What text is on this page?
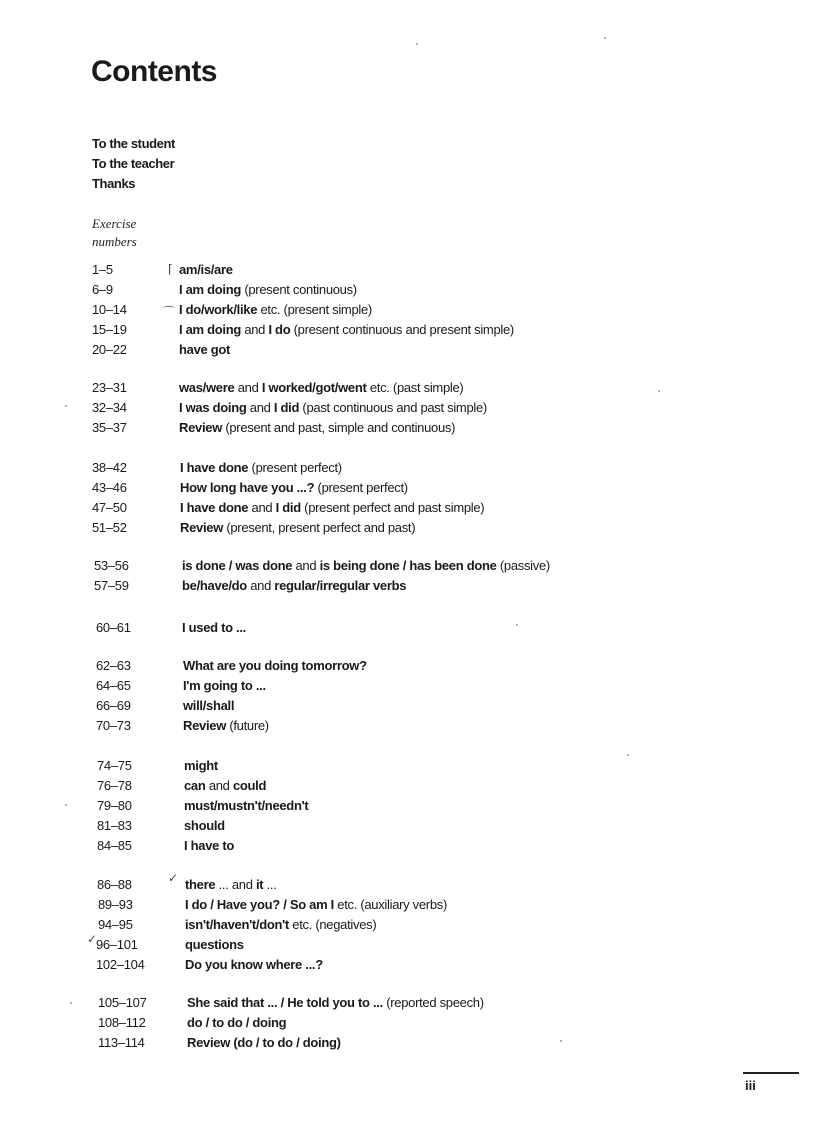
Contents
To the student
To the teacher
Thanks
Exercise
numbers
1–5	am/is/are
6–9	I am doing (present continuous)
10–14	I do/work/like etc. (present simple)
15–19	I am doing and I do (present continuous and present simple)
20–22	have got
23–31	was/were and I worked/got/went etc. (past simple)
32–34	I was doing and I did (past continuous and past simple)
35–37	Review (present and past, simple and continuous)
38–42	I have done (present perfect)
43–46	How long have you ...? (present perfect)
47–50	I have done and I did (present perfect and past simple)
51–52	Review (present, present perfect and past)
53–56	is done / was done and is being done / has been done (passive)
57–59	be/have/do and regular/irregular verbs
60–61	I used to ...
62–63	What are you doing tomorrow?
64–65	I'm going to ...
66–69	will/shall
70–73	Review (future)
74–75	might
76–78	can and could
79–80	must/mustn't/needn't
81–83	should
84–85	I have to
86–88	there ... and it ...
89–93	I do / Have you? / So am I etc. (auxiliary verbs)
94–95	isn't/haven't/don't etc. (negatives)
96–101	questions
102–104	Do you know where ...?
105–107	She said that ... / He told you to ... (reported speech)
108–112	do / to do / doing
113–114	Review (do / to do / doing)
iii
⌈
⌒
✓
✓
